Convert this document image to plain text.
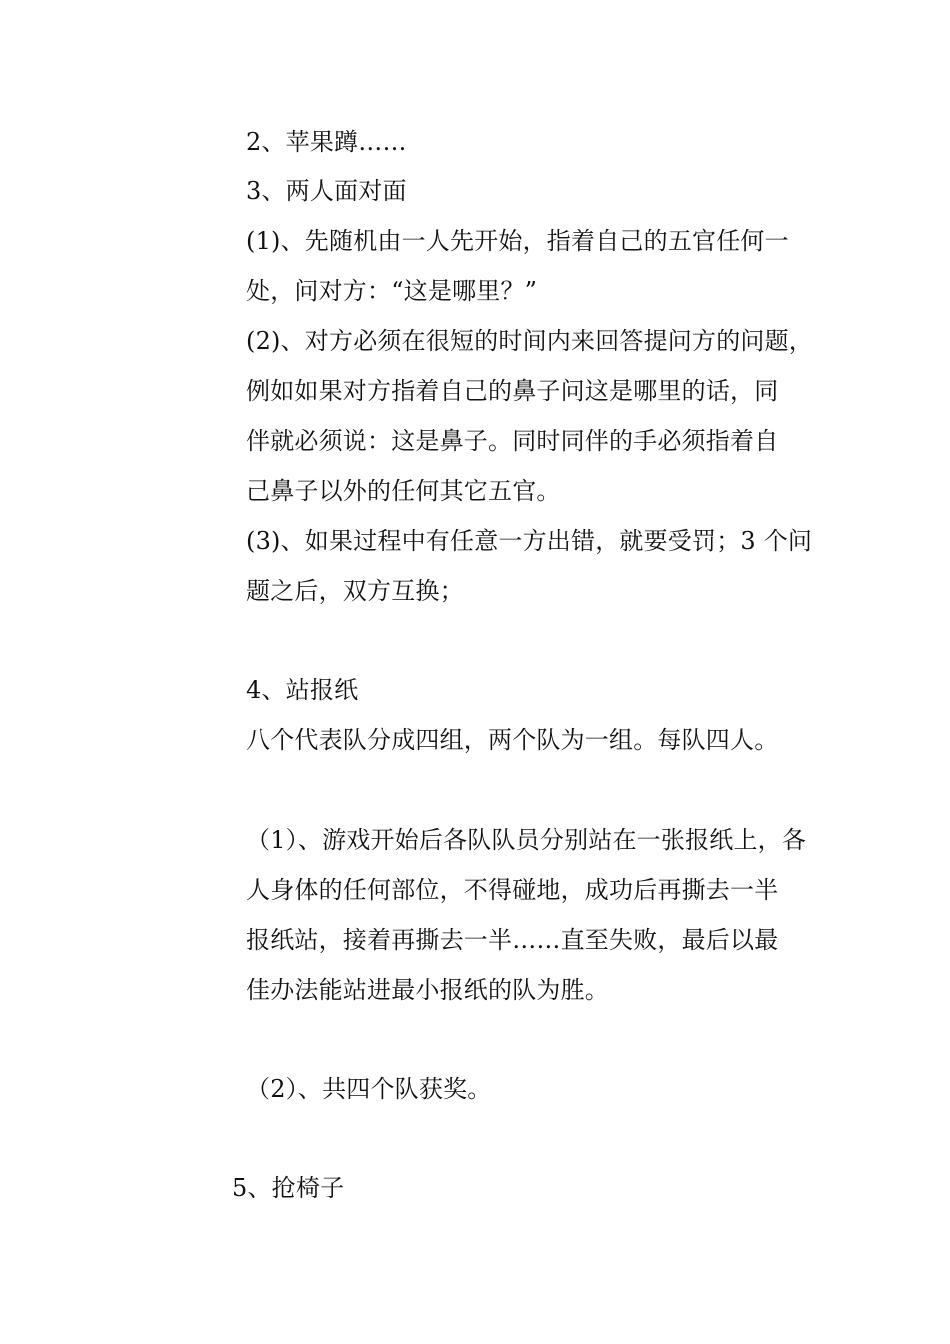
2、苹果蹲……
3、两人面对面
(1)、先随机由一人先开始，指着自己的五官任何一
处，问对方：“这是哪里？”
(2)、对方必须在很短的时间内来回答提问方的问题，
例如如果对方指着自己的鼻子问这是哪里的话，同
伴就必须说：这是鼻子。同时同伴的手必须指着自
己鼻子以外的任何其它五官。
(3)、如果过程中有任意一方出错，就要受罚；3 个问
题之后，双方互换；
4、站报纸
八个代表队分成四组，两个队为一组。每队四人。
（1）、游戏开始后各队队员分别站在一张报纸上，各
人身体的任何部位，不得碰地，成功后再撕去一半
报纸站，接着再撕去一半……直至失败，最后以最
佳办法能站进最小报纸的队为胜。
（2）、共四个队获奖。
5、抢椅子
